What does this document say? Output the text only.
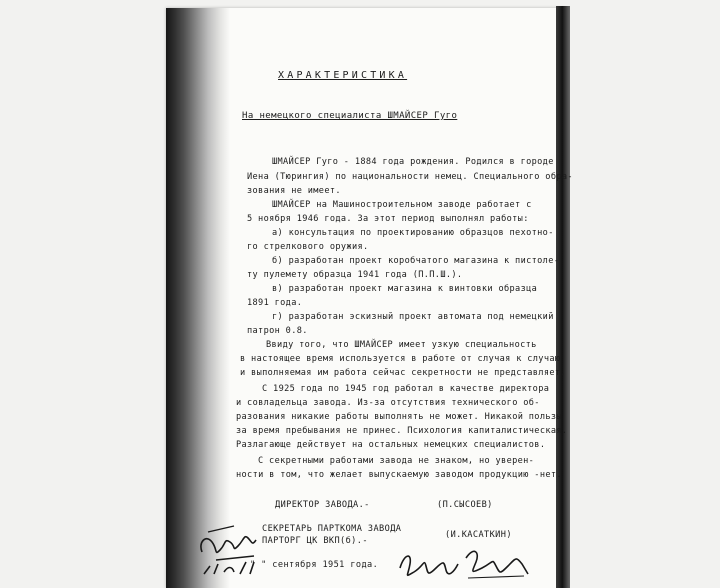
ХАРАКТЕРИСТИКА
На немецкого специалиста ШМАЙСЕР Гуго
ШМАЙСЕР Гуго - 1884 года рождения. Родился в городе
Иена (Тюрингия) по национальности немец. Специального обра-
зования не имеет.
ШМАЙСЕР на Машиностроительном заводе работает с
5 ноября 1946 года. За этот период выполнял работы:
а) консультация по проектированию образцов пехотно-
го стрелкового оружия.
б) разработан проект коробчатого магазина к пистоле-
ту пулемету образца 1941 года (П.П.Ш.).
в) разработан проект магазина к винтовки образца
1891 года.
г) разработан эскизный проект автомата под немецкий
патрон 0.8.
Ввиду того, что ШМАЙСЕР имеет узкую специальность
в настоящее время используется в работе от случая к случаю
и выполняемая им работа сейчас секретности не представляет.
С 1925 года по 1945 год работал в качестве директора
и совладельца завода. Из-за отсутствия технического об-
разования никакие работы выполнять не может. Никакой пользы
за время пребывания не принес. Психология капиталистическая.
Разлагающе действует на остальных немецких специалистов.
С секретными работами завода не знаком, но уверен-
ности в том, что желает выпускаемую заводом продукцию -нет.
ДИРЕКТОР ЗАВОДА.-	(П.СЫСОЕВ)
СЕКРЕТАРЬ ПАРТКОМА ЗАВОДА
ПАРТОРГ ЦК ВКП(б).-
(И.КАСАТКИН)
" " сентября 1951 года.
